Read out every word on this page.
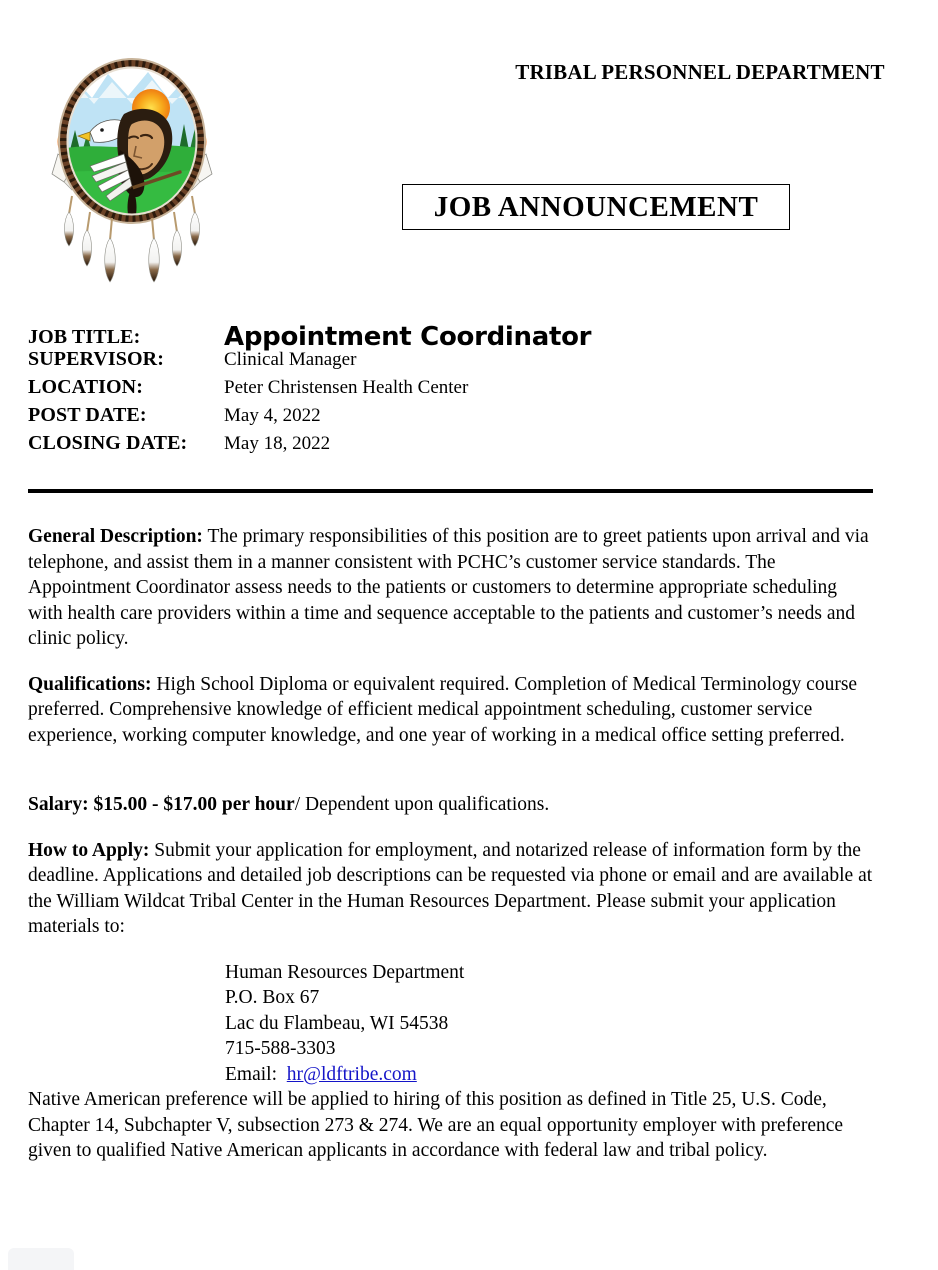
TRIBAL PERSONNEL DEPARTMENT
JOB ANNOUNCEMENT
JOB TITLE:	Appointment Coordinator
SUPERVISOR:	Clinical Manager
LOCATION:	Peter Christensen Health Center
POST DATE:	May 4, 2022
CLOSING DATE:	May 18, 2022

General Description: The primary responsibilities of this position are to greet patients upon arrival and via telephone, and assist them in a manner consistent with PCHC’s customer service standards. The Appointment Coordinator assess needs to the patients or customers to determine appropriate scheduling with health care providers within a time and sequence acceptable to the patients and customer’s needs and clinic policy.

Qualifications: High School Diploma or equivalent required. Completion of Medical Terminology course preferred. Comprehensive knowledge of efficient medical appointment scheduling, customer service experience, working computer knowledge, and one year of working in a medical office setting preferred.

Salary: $15.00 - $17.00 per hour/ Dependent upon qualifications.

How to Apply: Submit your application for employment, and notarized release of information form by the deadline. Applications and detailed job descriptions can be requested via phone or email and are available at the William Wildcat Tribal Center in the Human Resources Department. Please submit your application materials to:

Human Resources Department
P.O. Box 67
Lac du Flambeau, WI 54538
715-588-3303
Email:  hr@ldftribe.com

Native American preference will be applied to hiring of this position as defined in Title 25, U.S. Code, Chapter 14, Subchapter V, subsection 273 & 274. We are an equal opportunity employer with preference given to qualified Native American applicants in accordance with federal law and tribal policy.
